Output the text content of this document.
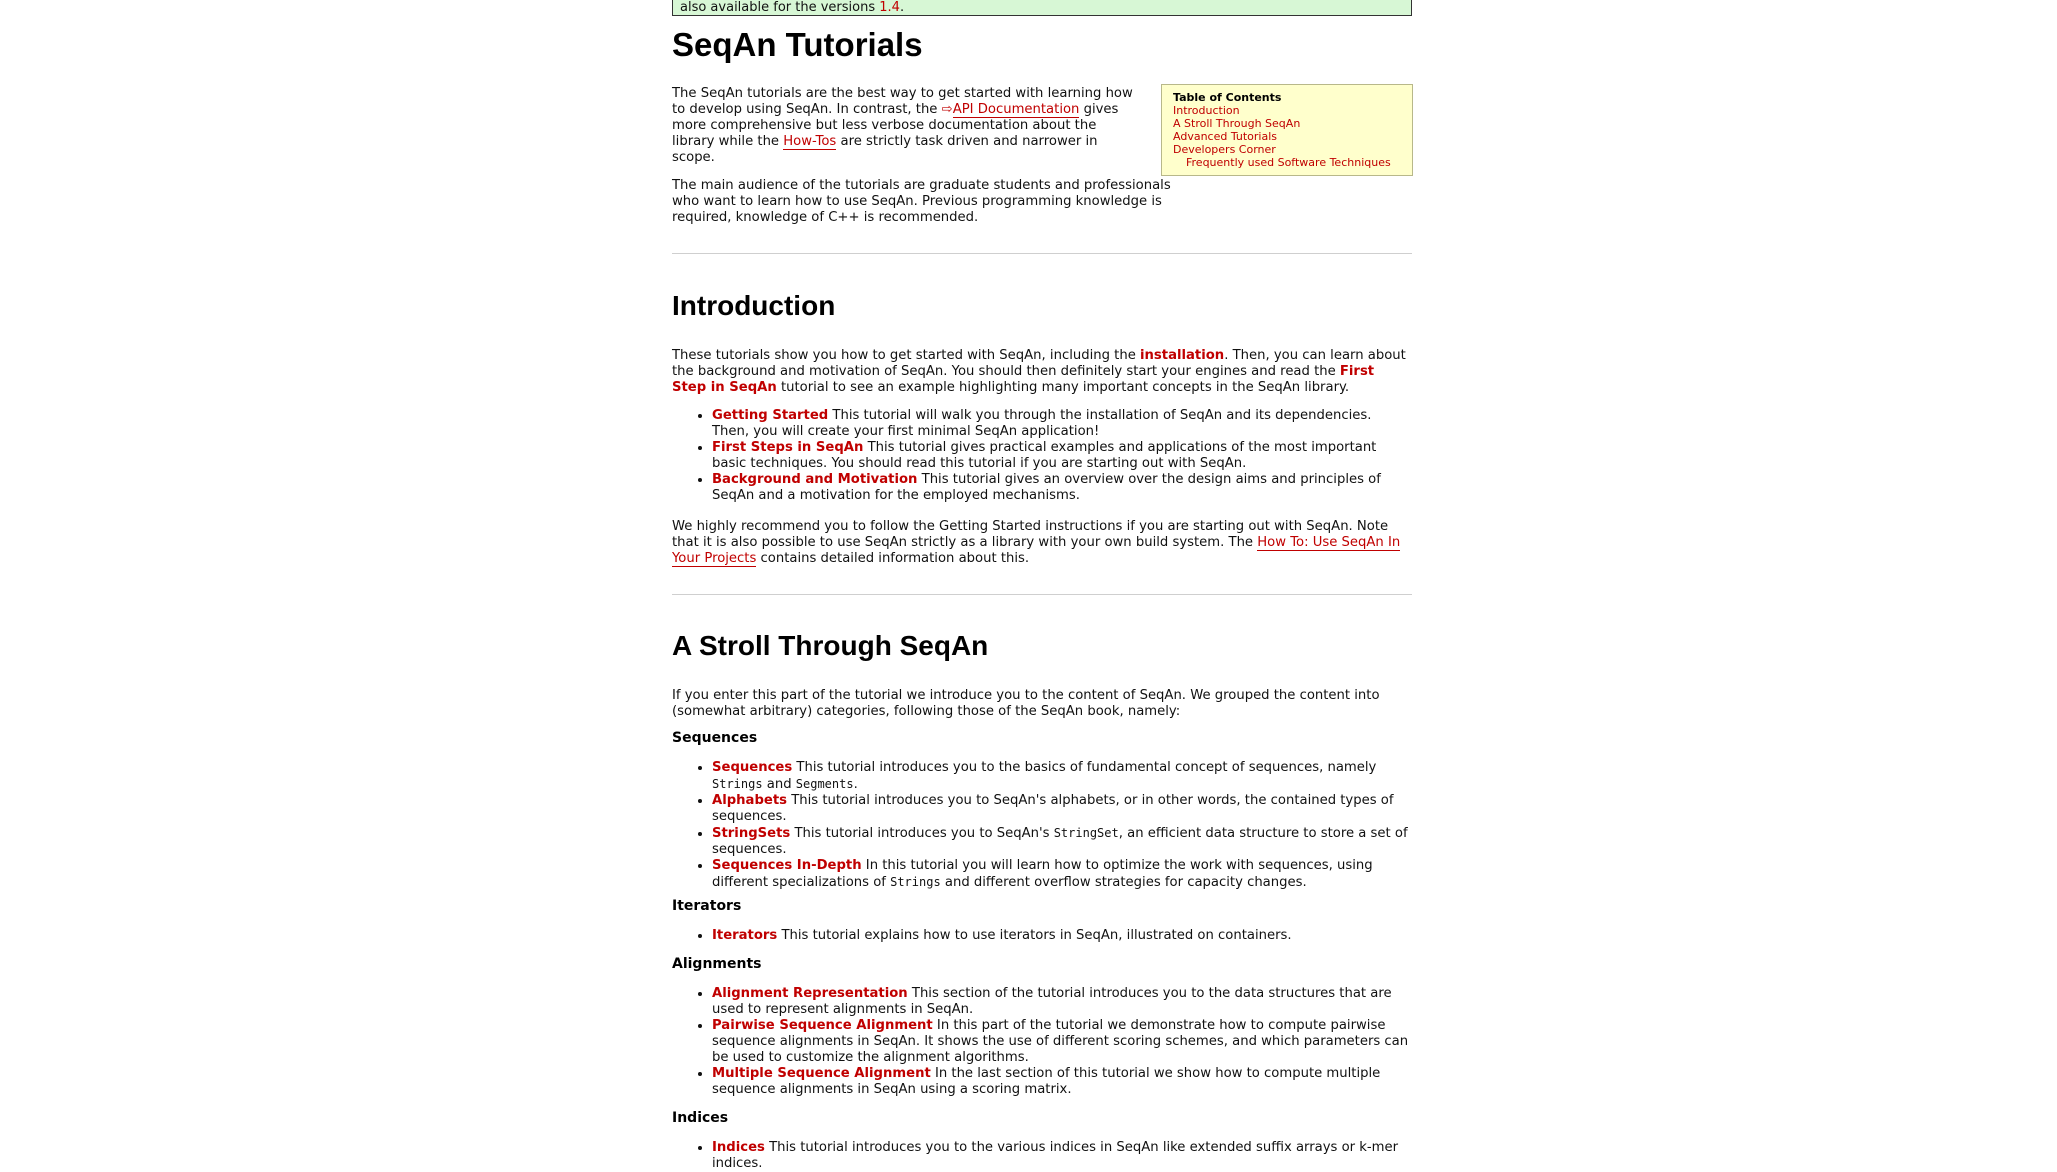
also available for the versions 1.4.
SeqAn Tutorials

The SeqAn tutorials are the best way to get started with learning how to develop using SeqAn. In contrast, the ⇨API Documentation gives more comprehensive but less verbose documentation about the library while the How-Tos are strictly task driven and narrower in scope.

The main audience of the tutorials are graduate students and professionals who want to learn how to use SeqAn. Previous programming knowledge is required, knowledge of C++ is recommended.

Table of Contents
Introduction
A Stroll Through SeqAn
Advanced Tutorials
Developers Corner
Frequently used Software Techniques
Introduction

These tutorials show you how to get started with SeqAn, including the installation. Then, you can learn about the background and motivation of SeqAn. You should then definitely start your engines and read the First Step in SeqAn tutorial to see an example highlighting many important concepts in the SeqAn library.

• Getting Started This tutorial will walk you through the installation of SeqAn and its dependencies. Then, you will create your first minimal SeqAn application!
• First Steps in SeqAn This tutorial gives practical examples and applications of the most important basic techniques. You should read this tutorial if you are starting out with SeqAn.
• Background and Motivation This tutorial gives an overview over the design aims and principles of SeqAn and a motivation for the employed mechanisms.

We highly recommend you to follow the Getting Started instructions if you are starting out with SeqAn. Note that it is also possible to use SeqAn strictly as a library with your own build system. The How To: Use SeqAn In Your Projects contains detailed information about this.

A Stroll Through SeqAn

If you enter this part of the tutorial we introduce you to the content of SeqAn. We grouped the content into (somewhat arbitrary) categories, following those of the SeqAn book, namely:

Sequences
• Sequences This tutorial introduces you to the basics of fundamental concept of sequences, namely Strings and Segments.
• Alphabets This tutorial introduces you to SeqAn's alphabets, or in other words, the contained types of sequences.
• StringSets This tutorial introduces you to SeqAn's StringSet, an efficient data structure to store a set of sequences.
• Sequences In-Depth In this tutorial you will learn how to optimize the work with sequences, using different specializations of Strings and different overflow strategies for capacity changes.
Iterators
• Iterators This tutorial explains how to use iterators in SeqAn, illustrated on containers.
Alignments
• Alignment Representation This section of the tutorial introduces you to the data structures that are used to represent alignments in SeqAn.
• Pairwise Sequence Alignment In this part of the tutorial we demonstrate how to compute pairwise sequence alignments in SeqAn. It shows the use of different scoring schemes, and which parameters can be used to customize the alignment algorithms.
• Multiple Sequence Alignment In the last section of this tutorial we show how to compute multiple sequence alignments in SeqAn using a scoring matrix.
Indices
• Indices This tutorial introduces you to the various indices in SeqAn like extended suffix arrays or k-mer indices.
